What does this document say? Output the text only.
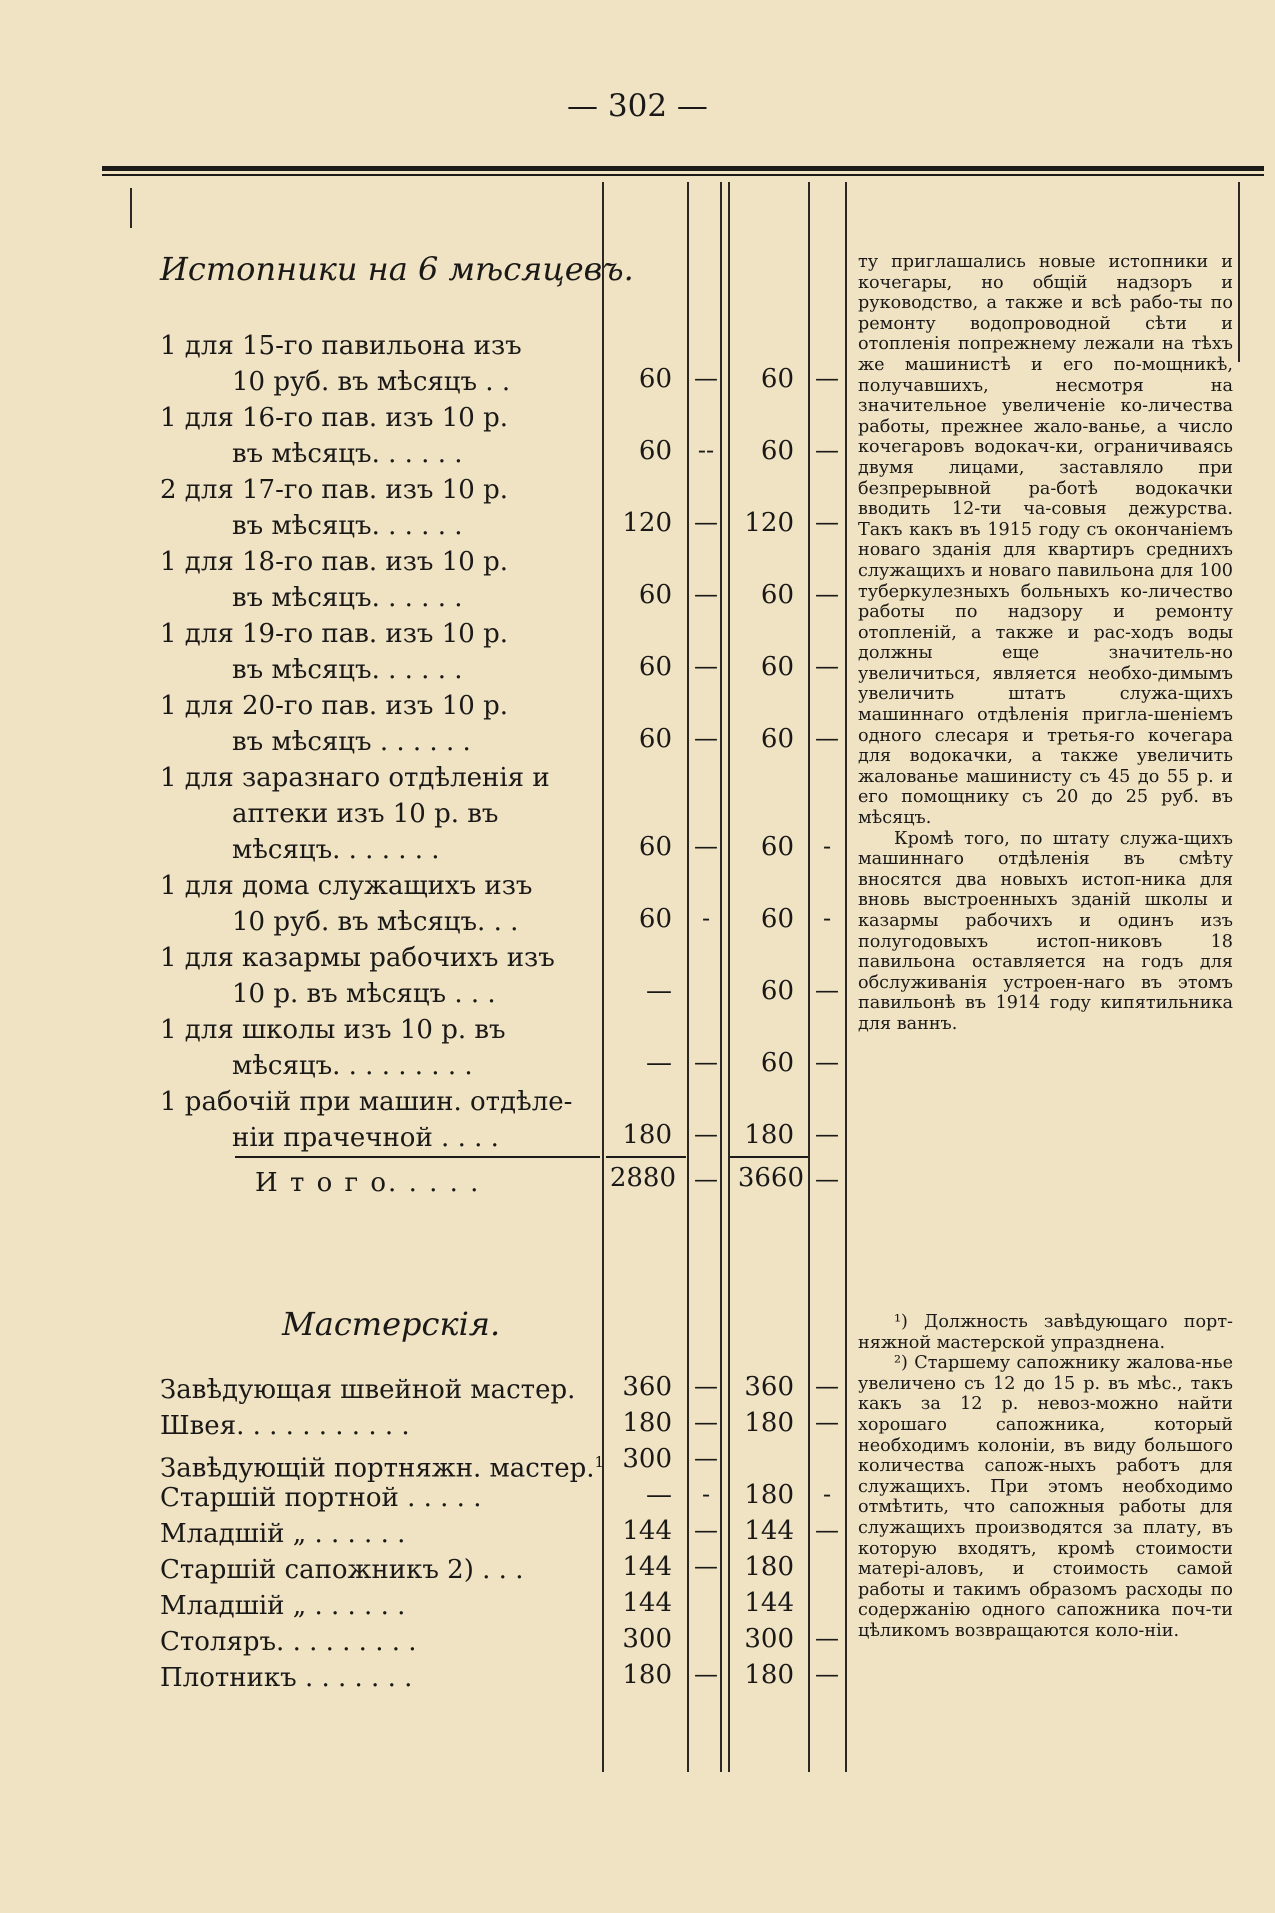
— 302 —
Истопники на 6 мѣсяцевъ.
1 для 15-го павильона изъ
10 руб. въ мѣсяцъ . .	60 —	60 —
1 для 16-го пав. изъ 10 р.
въ мѣсяцъ. . . . . .	60	--	60 —
2 для 17-го пав. изъ 10 р.
въ мѣсяцъ. . . . . .	120 —	120 —
1 для 18-го пав. изъ 10 р.
въ мѣсяцъ. . . . . .	60 —	60 —
1 для 19-го пав. изъ 10 р.
въ мѣсяцъ. . . . . .	60 —	60 —
1 для 20-го пав. изъ 10 р.
въ мѣсяцъ . . . . . .	60 —	60 —
1 для заразнаго отдѣленія и
аптеки изъ 10 р. въ
мѣсяцъ. . . . . . .	60 —	60	-
1 для дома служащихъ изъ
10 руб. въ мѣсяцъ. . .	60	-	60	-
1 для казармы рабочихъ изъ
10 р. въ мѣсяцъ . . .	—	60 —
1 для школы изъ 10 р. въ
мѣсяцъ. . . . . . . . .	— —	60 —
1 рабочій при машин. отдѣле-
ніи прачечной . . . .	180 —	180 —
И т о г о. . . . .	2880 — 3660 —
Мастерскія.
Завѣдующая швейной мастер.	360 —	360 —
Швея. . . . . . . . . . .	180 —	180 —
Завѣдующій портняжн. мастер.$^1$ 300 —
Старшій портной . . . . .	—	-	180	-
Младшій „ . . . . . .	144 —	144 —
Старшій сапожникъ 2) . . .	144 —	180
Младшій „ . . . . . .	144	144
Столяръ. . . . . . . . .	300	300 —
Плотникъ . . . . . . .	180 —	180 —

ту приглашались новые истопники и кочегары, но общій надзоръ и руководство, а также и всѣ рабо-ты по ремонту водопроводной сѣти и отопленія попрежнему лежали на тѣхъ же машинистѣ и его по-мощникѣ, получавшихъ, несмотря на значительное увеличеніе ко-личества работы, прежнее жало-ванье, а число кочегаровъ водокач-ки, ограничиваясь двумя лицами, заставляло при безпрерывной ра-ботѣ водокачки вводить 12-ти ча-совыя дежурства. Такъ какъ въ 1915 году съ окончаніемъ новаго зданія для квартиръ среднихъ служащихъ и новаго павильона для 100 туберкулезныхъ больныхъ ко-личество работы по надзору и ремонту отопленій, а также и рас-ходъ воды должны еще значитель-но увеличиться, является необхо-димымъ увеличить штатъ служа-щихъ машиннаго отдѣленія пригла-шеніемъ одного слесаря и третья-го кочегара для водокачки, а также увеличить жалованье машинисту съ 45 до 55 р. и его помощнику съ 20 до 25 руб. въ мѣсяцъ.

Кромѣ того, по штату служа-щихъ машиннаго отдѣленія въ смѣту вносятся два новыхъ истоп-ника для вновь выстроенныхъ зданій школы и казармы рабочихъ и одинъ изъ полугодовыхъ истоп-никовъ 18 павильона оставляется на годъ для обслуживанія устроен-наго въ этомъ павильонѣ въ 1914 году кипятильника для ваннъ.

¹) Должность завѣдующаго порт-няжной мастерской упразднена.

²) Старшему сапожнику жалова-нье увеличено съ 12 до 15 р. въ мѣс., такъ какъ за 12 р. невоз-можно найти хорошаго сапожника, который необходимъ колоніи, въ виду большого количества сапож-ныхъ работъ для служащихъ. При этомъ необходимо отмѣтить, что сапожныя работы для служащихъ производятся за плату, въ которую входятъ, кромѣ стоимости матері-аловъ, и стоимость самой работы и такимъ образомъ расходы по содержанію одного сапожника поч-ти цѣликомъ возвращаются коло-ніи.
